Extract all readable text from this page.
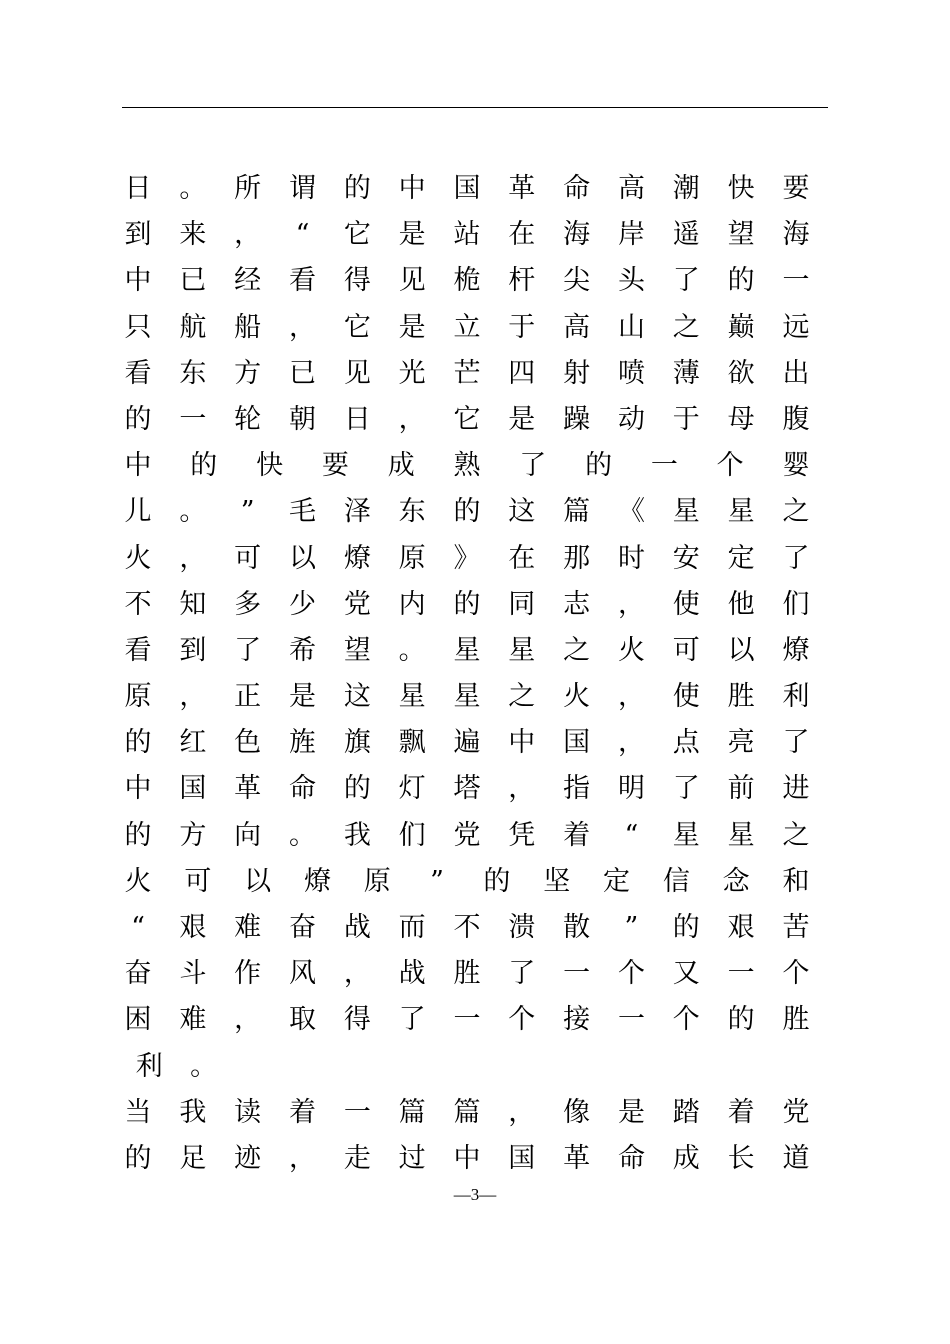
日 。 所 谓 的 中 国 革 命 高 潮 快 要
到 来 ，	“	它 是 站 在 海 岸 遥 望 海
中 已 经 看 得 见 桅 杆 尖 头 了 的 一
只 航 船 ， 它 是 立 于 高 山 之 巅 远
看 东 方 已 见 光 芒 四 射 喷 薄 欲 出
的 一 轮 朝 日 ， 它 是 躁 动 于 母 腹
中 的 快 要 成 熟 了 的 一 个 婴
儿 。	”	毛 泽 东 的 这 篇 《 星 星 之
火 ， 可 以 燎 原 》 在 那 时 安 定 了
不 知 多 少 党 内 的 同 志 ， 使 他 们
看 到 了 希 望 。 星 星 之 火 可 以 燎
原 ， 正 是 这 星 星 之 火 ， 使 胜 利
的 红 色 旌 旗 飘 遍 中 国 ， 点 亮 了
中 国 革 命 的 灯 塔 ， 指 明 了 前 进
的 方 向 。 我 们 党 凭 着	“	星 星 之
火 可 以 燎 原	”	的 坚 定 信 念 和
“	艰 难 奋 战 而 不 溃 散	”	的 艰 苦
奋 斗 作 风 ， 战 胜 了 一 个 又 一 个
困 难 ， 取 得 了 一 个 接 一 个 的 胜
利	。
当 我 读 着 一 篇 篇 ， 像 是 踏 着 党
的 足 迹 ， 走 过 中 国 革 命 成 长 道
—3—
